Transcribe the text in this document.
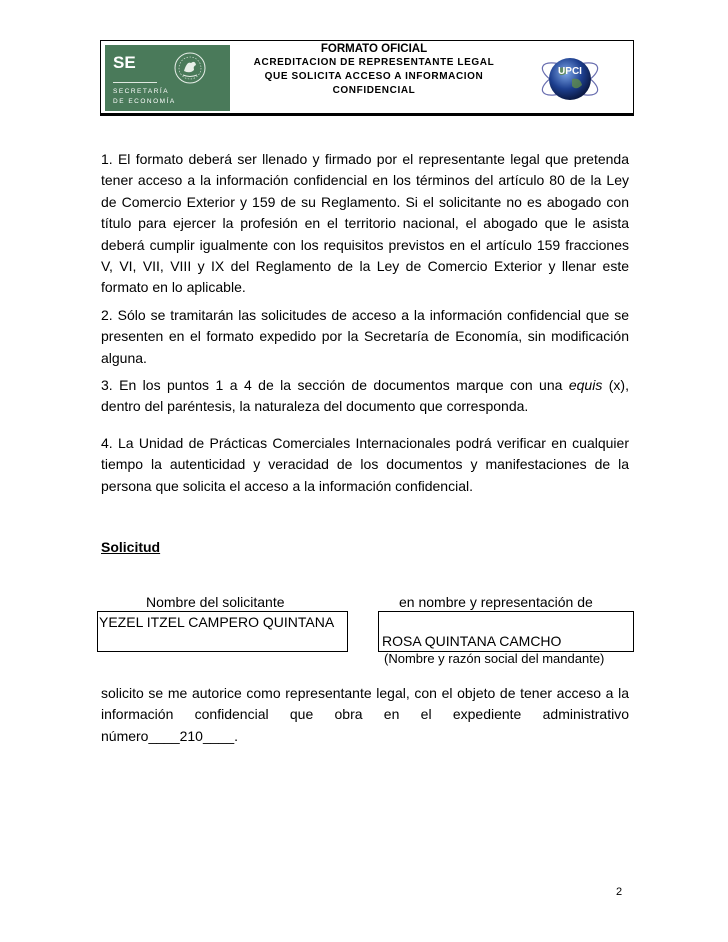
SE
SECRETARÍA
DE ECONOMÍA
FORMATO OFICIAL
ACREDITACION DE REPRESENTANTE LEGAL
QUE SOLICITA ACCESO A INFORMACION
CONFIDENCIAL
UPCI

1. El formato deberá ser llenado y firmado por el representante legal que pretenda tener acceso a la información confidencial en los términos del artículo 80 de la Ley de Comercio Exterior y 159 de su Reglamento. Si el solicitante no es abogado con título para ejercer la profesión en el territorio nacional, el abogado que le asista deberá cumplir igualmente con los requisitos previstos en el artículo 159 fracciones V, VI, VII, VIII y IX del Reglamento de la Ley de Comercio Exterior y llenar este formato en lo aplicable.

2. Sólo se tramitarán las solicitudes de acceso a la información confidencial que se presenten en el formato expedido por la Secretaría de Economía, sin modificación alguna.

3. En los puntos 1 a 4 de la sección de documentos marque con una equis (x), dentro del paréntesis, la naturaleza del documento que corresponda.

4. La Unidad de Prácticas Comerciales Internacionales podrá verificar en cualquier tiempo la autenticidad y veracidad de los documentos y manifestaciones de la persona que solicita el acceso a la información confidencial.

Solicitud
Nombre del solicitante	en nombre y representación de
YEZEL ITZEL CAMPERO QUINTANA
ROSA QUINTANA CAMCHO
(Nombre y razón social del mandante)

solicito se me autorice como representante legal, con el objeto de tener acceso a la información confidencial que obra en el expediente administrativo número____210____.

2
